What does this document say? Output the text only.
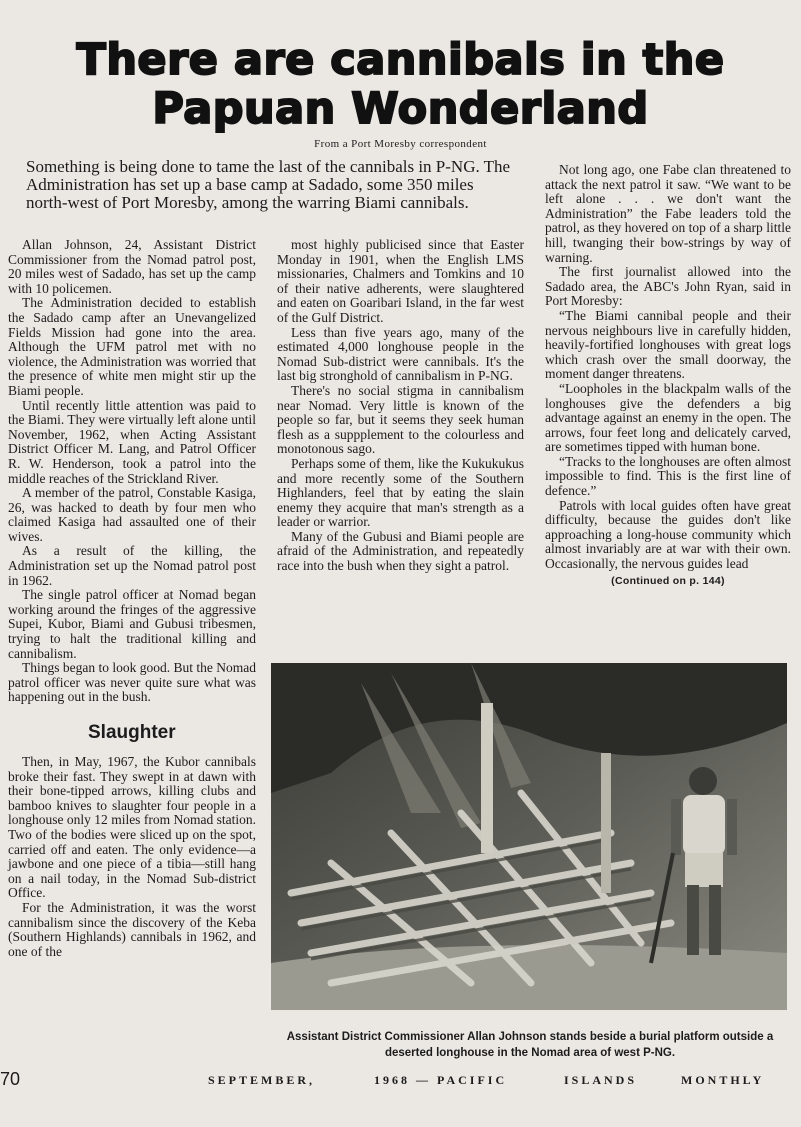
There are cannibals in the
Papuan Wonderland
From a Port Moresby correspondent
Something is being done to tame the last of the cannibals in P-NG. The Administration has set up a base camp at Sadado, some 350 miles north-west of Port Moresby, among the warring Biami cannibals.

Allan Johnson, 24, Assistant District Commissioner from the Nomad patrol post, 20 miles west of Sadado, has set up the camp with 10 policemen.

The Administration decided to establish the Sadado camp after an Unevangelized Fields Mission had gone into the area. Although the UFM patrol met with no violence, the Administration was worried that the presence of white men might stir up the Biami people.

Until recently little attention was paid to the Biami. They were virtually left alone until November, 1962, when Acting Assistant District Officer M. Lang, and Patrol Officer R. W. Henderson, took a patrol into the middle reaches of the Strickland River.

A member of the patrol, Constable Kasiga, 26, was hacked to death by four men who claimed Kasiga had assaulted one of their wives.

As a result of the killing, the Administration set up the Nomad patrol post in 1962.

The single patrol officer at Nomad began working around the fringes of the aggressive Supei, Kubor, Biami and Gubusi tribesmen, trying to halt the traditional killing and cannibalism.

Things began to look good. But the Nomad patrol officer was never quite sure what was happening out in the bush.

Slaughter

Then, in May, 1967, the Kubor cannibals broke their fast. They swept in at dawn with their bone-tipped arrows, killing clubs and bamboo knives to slaughter four people in a longhouse only 12 miles from Nomad station. Two of the bodies were sliced up on the spot, carried off and eaten. The only evidence—a jawbone and one piece of a tibia—still hang on a nail today, in the Nomad Sub-district Office.

For the Administration, it was the worst cannibalism since the discovery of the Keba (Southern Highlands) cannibals in 1962, and one of the

most highly publicised since that Easter Monday in 1901, when the English LMS missionaries, Chalmers and Tomkins and 10 of their native adherents, were slaughtered and eaten on Goaribari Island, in the far west of the Gulf District.

Less than five years ago, many of the estimated 4,000 longhouse people in the Nomad Sub-district were cannibals. It's the last big stronghold of cannibalism in P-NG.

There's no social stigma in cannibalism near Nomad. Very little is known of the people so far, but it seems they seek human flesh as a suppplement to the colourless and monotonous sago.

Perhaps some of them, like the Kukukukus and more recently some of the Southern Highlanders, feel that by eating the slain enemy they acquire that man's strength as a leader or warrior.

Many of the Gubusi and Biami people are afraid of the Administration, and repeatedly race into the bush when they sight a patrol.

Not long ago, one Fabe clan threatened to attack the next patrol it saw. “We want to be left alone . . . we don't want the Administration” the Fabe leaders told the patrol, as they hovered on top of a sharp little hill, twanging their bow-strings by way of warning.

The first journalist allowed into the Sadado area, the ABC's John Ryan, said in Port Moresby:

“The Biami cannibal people and their nervous neighbours live in carefully hidden, heavily-fortified longhouses with great logs which crash over the small doorway, the moment danger threatens.

“Loopholes in the blackpalm walls of the longhouses give the defenders a big advantage against an enemy in the open. The arrows, four feet long and delicately carved, are sometimes tipped with human bone.

“Tracks to the longhouses are often almost impossible to find. This is the first line of defence.”

Patrols with local guides often have great difficulty, because the guides don't like approaching a long-house community which almost invariably are at war with their own. Occasionally, the nervous guides lead

(Continued on p. 144)
Assistant District Commissioner Allan Johnson stands beside a burial platform outside a deserted longhouse in the Nomad area of west P-NG.
70	SEPTEMBER,	1968 — PACIFIC	ISLANDS	MONTHLY
